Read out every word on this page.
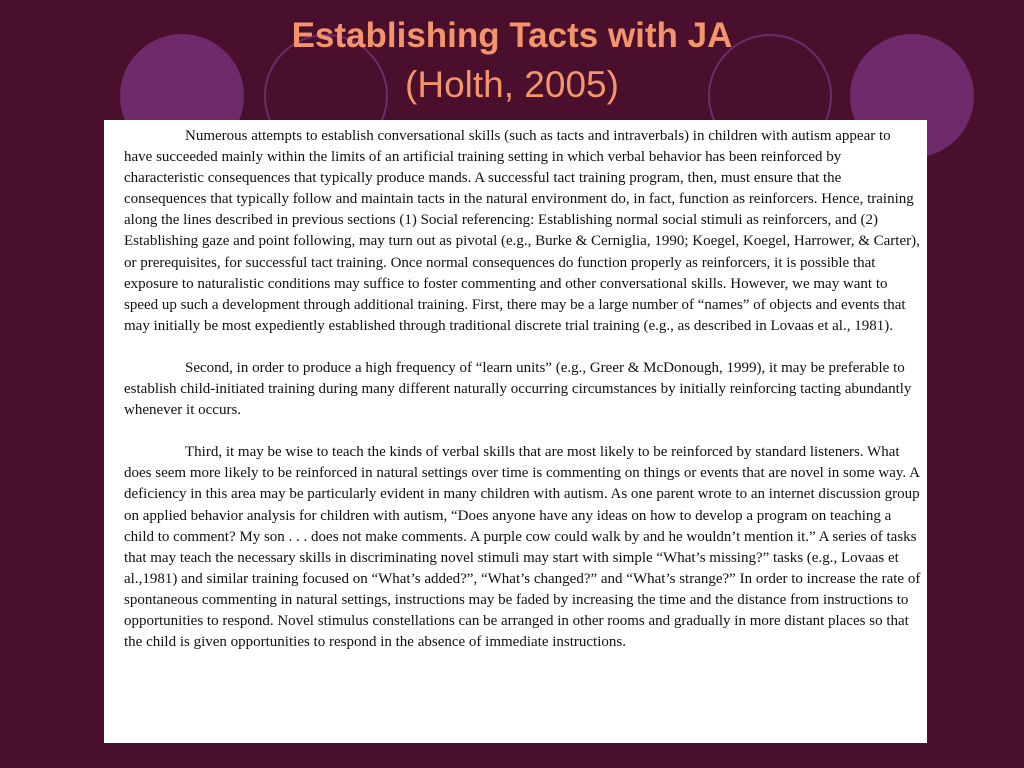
Establishing Tacts with JA
(Holth, 2005)

Numerous attempts to establish conversational skills (such as tacts and intraverbals) in children with autism appear to have succeeded mainly within the limits of an artificial training setting in which verbal behavior has been reinforced by characteristic consequences that typically produce mands. A successful tact training program, then, must ensure that the consequences that typically follow and maintain tacts in the natural environment do, in fact, function as reinforcers. Hence, training along the lines described in previous sections (1) Social referencing: Establishing normal social stimuli as reinforcers, and (2) Establishing gaze and point following, may turn out as pivotal (e.g., Burke & Cerniglia, 1990; Koegel, Koegel, Harrower, & Carter), or prerequisites, for successful tact training. Once normal consequences do function properly as reinforcers, it is possible that exposure to naturalistic conditions may suffice to foster commenting and other conversational skills. However, we may want to speed up such a development through additional training. First, there may be a large number of “names” of objects and events that may initially be most expediently established through traditional discrete trial training (e.g., as described in Lovaas et al., 1981).

Second, in order to produce a high frequency of “learn units” (e.g., Greer & McDonough, 1999), it may be preferable to establish child-initiated training during many different naturally occurring circumstances by initially reinforcing tacting abundantly whenever it occurs.

Third, it may be wise to teach the kinds of verbal skills that are most likely to be reinforced by standard listeners. What does seem more likely to be reinforced in natural settings over time is commenting on things or events that are novel in some way. A deficiency in this area may be particularly evident in many children with autism. As one parent wrote to an internet discussion group on applied behavior analysis for children with autism, “Does anyone have any ideas on how to develop a program on teaching a child to comment? My son . . . does not make comments. A purple cow could walk by and he wouldn’t mention it.” A series of tasks that may teach the necessary skills in discriminating novel stimuli may start with simple “What’s missing?” tasks (e.g., Lovaas et al.,1981) and similar training focused on “What’s added?”, “What’s changed?” and “What’s strange?” In order to increase the rate of spontaneous commenting in natural settings, instructions may be faded by increasing the time and the distance from instructions to opportunities to respond. Novel stimulus constellations can be arranged in other rooms and gradually in more distant places so that the child is given opportunities to respond in the absence of immediate instructions.
